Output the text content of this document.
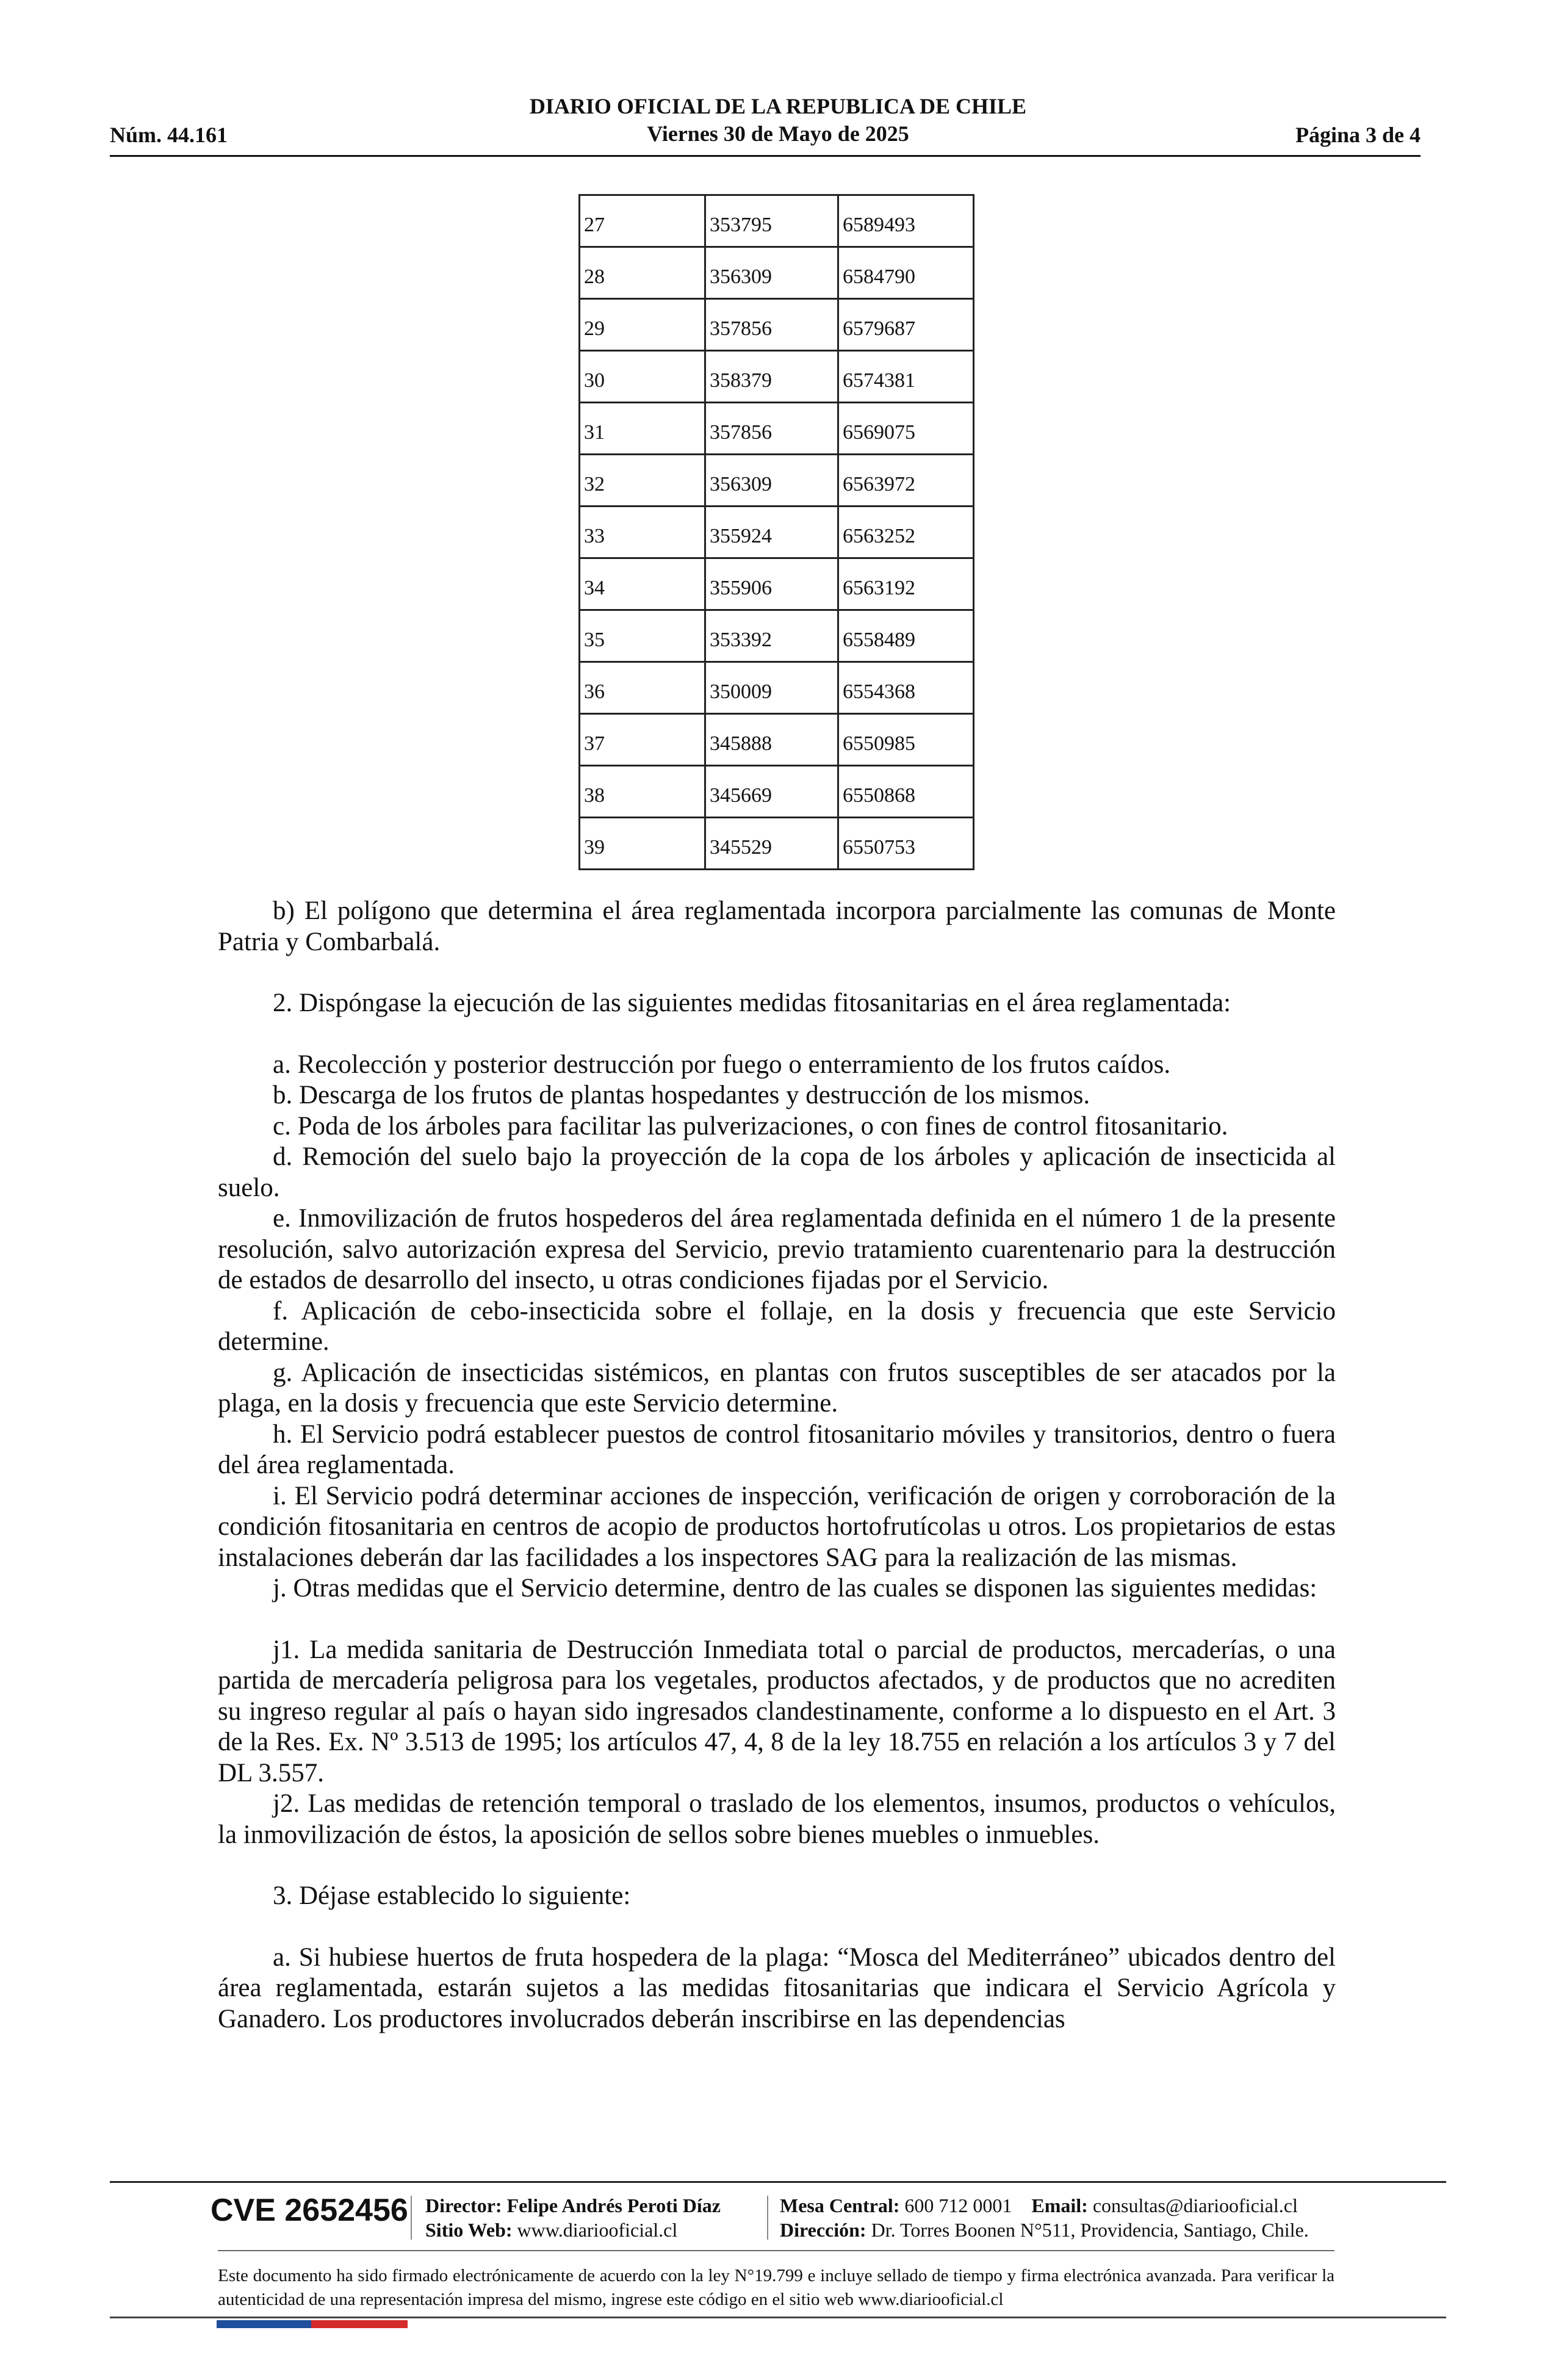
DIARIO OFICIAL DE LA REPUBLICA DE CHILE
Viernes 30 de Mayo de 2025
Núm. 44.161	Página 3 de 4
27	353795	6589493
28	356309	6584790
29	357856	6579687
30	358379	6574381
31	357856	6569075
32	356309	6563972
33	355924	6563252
34	355906	6563192
35	353392	6558489
36	350009	6554368
37	345888	6550985
38	345669	6550868
39	345529	6550753

b) El polígono que determina el área reglamentada incorpora parcialmente las comunas de Monte Patria y Combarbalá.

2. Dispóngase la ejecución de las siguientes medidas fitosanitarias en el área reglamentada:

a. Recolección y posterior destrucción por fuego o enterramiento de los frutos caídos.

b. Descarga de los frutos de plantas hospedantes y destrucción de los mismos.

c. Poda de los árboles para facilitar las pulverizaciones, o con fines de control fitosanitario.

d. Remoción del suelo bajo la proyección de la copa de los árboles y aplicación de insecticida al suelo.

e. Inmovilización de frutos hospederos del área reglamentada definida en el número 1 de la presente resolución, salvo autorización expresa del Servicio, previo tratamiento cuarentenario para la destrucción de estados de desarrollo del insecto, u otras condiciones fijadas por el Servicio.

f. Aplicación de cebo-insecticida sobre el follaje, en la dosis y frecuencia que este Servicio determine.

g. Aplicación de insecticidas sistémicos, en plantas con frutos susceptibles de ser atacados por la plaga, en la dosis y frecuencia que este Servicio determine.

h. El Servicio podrá establecer puestos de control fitosanitario móviles y transitorios, dentro o fuera del área reglamentada.

i. El Servicio podrá determinar acciones de inspección, verificación de origen y corroboración de la condición fitosanitaria en centros de acopio de productos hortofrutícolas u otros. Los propietarios de estas instalaciones deberán dar las facilidades a los inspectores SAG para la realización de las mismas.

j. Otras medidas que el Servicio determine, dentro de las cuales se disponen las siguientes medidas:

j1. La medida sanitaria de Destrucción Inmediata total o parcial de productos, mercaderías, o una partida de mercadería peligrosa para los vegetales, productos afectados, y de productos que no acrediten su ingreso regular al país o hayan sido ingresados clandestinamente, conforme a lo dispuesto en el Art. 3 de la Res. Ex. Nº 3.513 de 1995; los artículos 47, 4, 8 de la ley 18.755 en relación a los artículos 3 y 7 del DL 3.557.

j2. Las medidas de retención temporal o traslado de los elementos, insumos, productos o vehículos, la inmovilización de éstos, la aposición de sellos sobre bienes muebles o inmuebles.

3. Déjase establecido lo siguiente:

a. Si hubiese huertos de fruta hospedera de la plaga: “Mosca del Mediterráneo” ubicados dentro del área reglamentada, estarán sujetos a las medidas fitosanitarias que indicara el Servicio Agrícola y Ganadero. Los productores involucrados deberán inscribirse en las dependencias

CVE 2652456 Director: Felipe Andrés Peroti Díaz
Sitio Web: www.diariooficial.cl
Mesa Central: 600 712 0001 Email: consultas@diariooficial.cl
Dirección: Dr. Torres Boonen N°511, Providencia, Santiago, Chile.
Este documento ha sido firmado electrónicamente de acuerdo con la ley N°19.799 e incluye sellado de tiempo y firma electrónica avanzada. Para verificar la autenticidad de una representación impresa del mismo, ingrese este código en el sitio web www.diariooficial.cl
